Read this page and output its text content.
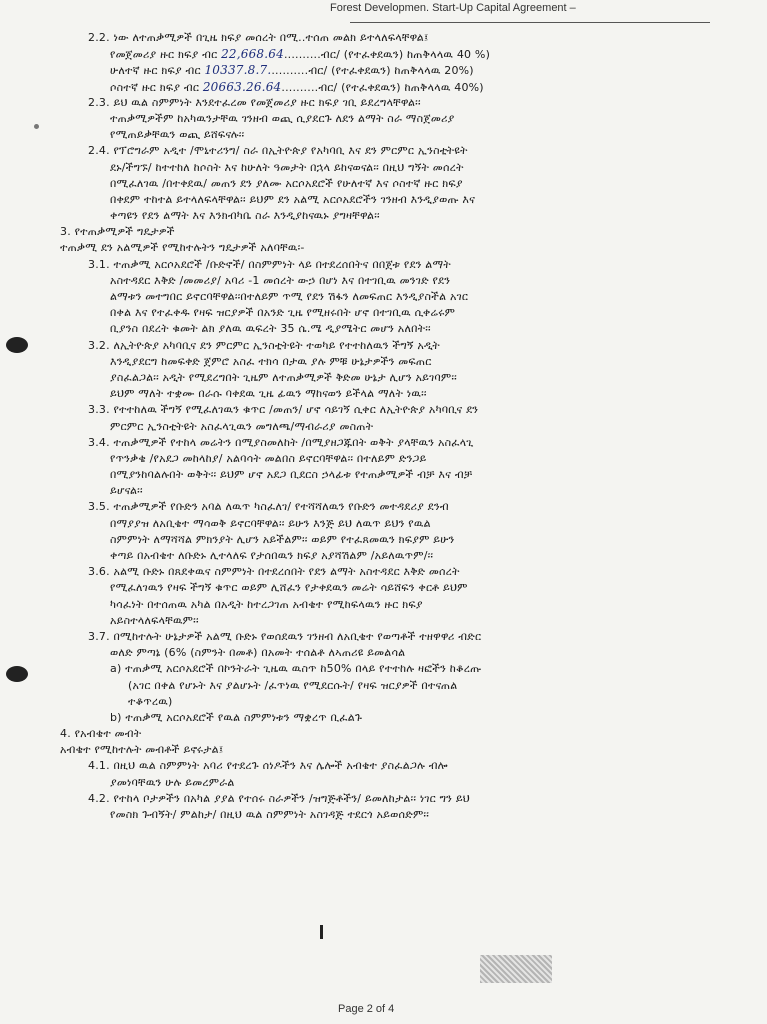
Forest Developmen. Start-Up Capital Agreement –
2.2. ነው ለተጠቃሚዎች በጊዜ ክፍያ መሰረት በሚ..ተሰጠ መልክ ይተላለፍላቸዋል፤
የመጀመሪያ ዙር ክፍያ ብር 22,668.64..........ብር/ (የተፈቀደዉን) ከጠቅላላዉ 40 %)
ሁለተኛ ዙር ክፍያ ብር 10337.8.7...........ብር/ (የተፈቀደዉን) ከጠቅላላዉ 20%)
ሶስተኛ ዙር ክፍያ ብር 20663.26.64..........ብር/ (የተፈቀደዉን) ከጠቅላላዉ 40%)
2.3. ይህ ዉል ስምምነት እንደተፈረመ የመጀመሪያ ዙር ክፍያ ገቢ ይደረግላቸዋል፡፡
ተጠቃሚዎችም ከአካዉንታቸዉ ገንዘብ ወጪ ሲያደርጉ ለደን ልማት ስራ ማስጀመሪያ
የሚጠይቃቸዉን ወጪ ይሸፍናሉ፡፡
2.4. የፕሮግራም አዲተ /ሞኒተሪንግ/ ስራ በኢትዮጵያ የአካባቢ እና ደን ምርምር ኢንስቲትዩት
ደኑ/ችግኙ/ ከተተከለ ከሶስት እና ከሁለት ዓመታት በኋላ ይከናወናል፡፡ በዚህ ግኝት መሰረት
በሚፈለገዉ /በተቀደዉ/ መጠን ደን ያለሙ አርሶአደሮች የሁለተኛ እና ሶስተኛ ዙር ክፍያ
በቀደም ተከተል ይተላለፍላቸዋል፡፡ ይህም ደን አልሚ አርሶአደሮችን ገንዘብ እንዲያወጡ እና
ቀጣዩን የደን ልማት እና እንክብካቤ ስራ እንዲያከናዉኑ ያግዛቸዋል፡፡
3. የተጠቃሚዎች ግዴታዎች
ተጠቃሚ ደን አልሚዎች የሚከተሉትን ግዴታዎች አለባቸዉ፡-
3.1. ተጠቃሚ አርሶአደሮች /ቡድኖች/ በስምምነት ላይ በተደረሰበትና በበጀቱ የደን ልማት
አስተዳደር እቅድ /መመሪያ/ አባሪ -1 መሰረት ውኃ በሆነ እና በተገቢዉ መንገድ የደን
ልማቱን መተግበር ይኖርባቸዋል፡፡በተለይም ጥሚ የደን ሽፋን ለመፍጠር እንዲያስችል አገር
በቀል እና የተፈቀዱ የዛፍ ዝርያዎች በአንድ ጊዜ የሚዘሩበት ሆኖ በተገቢዉ ሲቀሬሩም
ቢያንስ በደረት ቁመት ልክ ያለዉ ዉፍረት 35 ሴ.ሜ ዲያሜትር መሆን አለበት፡፡
3.2. ለኢትዮጵያ አካባቢና ደን ምርምር ኢንስቲትዩት ተወካይ የተተከለዉን ችግኝ አዲት
እንዲያደርግ ከመፍቀድ ጀምሮ አስፈ ተክሳ በታዉ ያሉ ምቹ ሁኔታዎችን መፍጠር
ያስፈልጋል፡፡ አዲት የሚደረግበት ጊዜም ለተጠቃሚዎች ቅድመ ሁኔታ ሊሆን አይገባም፡፡
ይህም ማለት ተቋሙ በራሱ ባቀደዉ ጊዜ ፊዉን ማከናወን ይችላል ማለት ነዉ፡፡
3.3. የተተከለዉ ችግኝ የሚፈለገዉን ቁጥር /መጠን/ ሆኖ ሳይገኝ ሲቀር ለኢትዮጵያ አካባቢና ደን
ምርምር ኢንስቲትዩት አስፈላጊዉን መግለጫ/ማብራሪያ መስጠት
3.4. ተጠቃሚዎች የተከላ መሬትን በሚያስመለከት /በሚያዘጋጁበት ወቅት ያላቸዉን አስፈላጊ
የጥንቃቄ /የአደጋ መከላከያ/ አልባሳት መልበስ ይኖርባቸዋል፡፡ በተለይም ድንጋይ
በሚያንከባልሉበት ወቅት፡፡ ይህም ሆኖ አደጋ ቢደርስ ኃላፊቱ የተጠቃሚዎች ብቻ እና ብቻ
ይሆናል፡፡
3.5. ተጠቃሚዎች የቡድን አባል ለዉጥ ካስፈለገ/ የተሻሻለዉን የቡድን መተዳደሪያ ደንብ
በማያያዝ ለአቢቄተ ማሳወቅ ይኖርባቸዋል፡፡ ይሁን እንጅ ይህ ለዉጥ ይህን የዉል
ስምምነት ለማሻሻል ምክንያት ሊሆን አይችልም፡፡ ወይም የተፈጸመዉን ክፍያም ይሁን
ቀጣይ በአብቄተ ለቡድኑ ሊተላለፍ የታሰበዉን ክፍያ አያሻሽልም /አይለዉጥም/፡፡
3.6. አልሚ ቡድኑ በጸደቀዉና ስምምነት በተደረሰበት የደን ልማት አስተዳደር እቅድ መሰረት
የሚፈለገዉን የዛፍ ችግኝ ቁጥር ወይም ሊሸፈን የታቀደዉን መሬት ሳይሸፍን ቀርቶ ይህም
ካሳፈነት በተሰጠዉ አካል በአዲት ከተረጋገጠ አብቄተ የሚከፍላዉን ዙር ክፍያ
አይስተላለፍላቸዉም፡፡
3.7. በሚከተሉት ሁኔታዎች አልሚ ቡድኑ የወሰደዉን ገንዘብ ለአቢቄተ የወጣቶች ተዘዋዋሪ ብድር
ወለድ ምጣኔ (6% (ስምንት በመቶ) በአመት ተሰልቶ ለኣጠሪዩ ይመልሳል
a) ተጠቃሚ አርሶአደሮች በኮንትራት ጊዜዉ ዉስጥ ከ50% በላይ የተተከሉ ዛፎችን ከቆረጡ
(አገር በቀል የሆኑት እና ያልሆኑት /ፈጥነዉ የሚደርሱት/ የዛፍ ዝርያዎች በተናጠል
ተቆጥረዉ)
b) ተጠቃሚ አርሶአደሮች የዉል ስምምነቱን ማቋረጥ ቢፈልጉ
4. የአብቄተ መብት
አብቄተ የሚከተሉት መብቶች ይኖሩታል፤
4.1. በዚህ ዉል ስምምነት አባሪ የተደረጉ ሰነዶችን እና ሌሎች አብቄተ ያስፈልጋሉ ብሎ
ያመነባቸዉን ሁሉ ይመረምራል
4.2. የተከላ ቦታዎችን በአካል ያያል የተሰሩ ስራዎችን /ዝግጅቶችን/ ይመለከታል፡፡ ነገር ግን ይህ
የመስክ ጉብኝት/ ምልከታ/ በዚህ ዉል ስምምነት አስገዳጅ ተደርጎ አይወሰድም፡፡
Page 2 of 4
